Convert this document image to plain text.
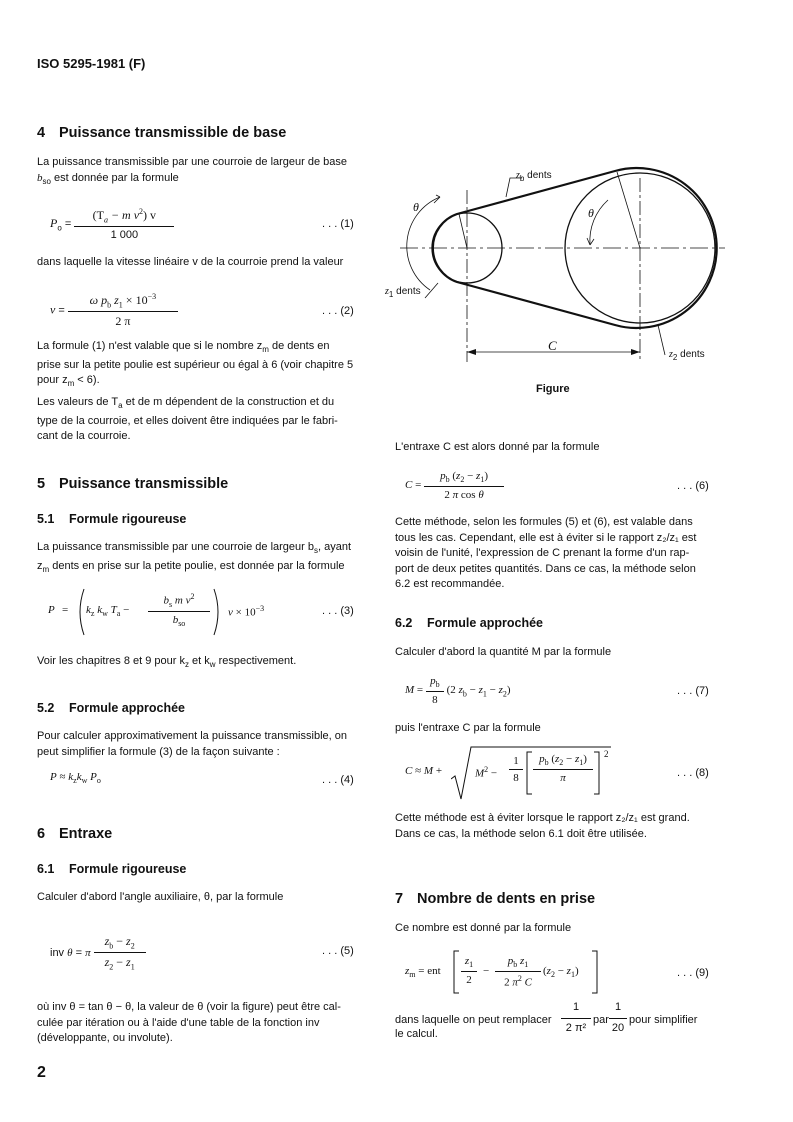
ISO 5295-1981 (F)
4 Puissance transmissible de base
La puissance transmissible par une courroie de largeur de base
$b_{so}$ est donnée par la formule
$P_o = \frac{(T_a - m v^2) v}{1 000}$	. . . (1)
dans laquelle la vitesse linéaire v de la courroie prend la valeur
$v = \frac{\omega p_b z_1 \times 10^{-3}}{2 \pi}$	. . . (2)
La formule (1) n'est valable que si le nombre $z_m$ de dents en
prise sur la petite poulie est supérieur ou égal à 6 (voir chapitre 5
pour $z_m < 6$).
Les valeurs de $T_a$ et de m dépendent de la construction et du
type de la courroie, et elles doivent être indiquées par le fabri-
cant de la courroie.
5 Puissance transmissible
5.1 Formule rigoureuse
La puissance transmissible par une courroie de largeur $b_s$, ayant
$z_m$ dents en prise sur la petite poulie, est donnée par la formule
$P = k_z$ $k_w$ $T_a$ −
$b_s$ m $v^2$
$b_{so}$
$v \times 10^{-3}$	. . . (3)
Voir les chapitres 8 et 9 pour $k_z$ et $k_w$ respectivement.
5.2 Formule approchée
Pour calculer approximativement la puissance transmissible, on
peut simplifier la formule (3) de la façon suivante :
$P \approx k_zk_w$ $P_o$	. . . (4)
6 Entraxe
6.1 Formule rigoureuse
Calculer d'abord l'angle auxiliaire, θ, par la formule
inv θ = π $\frac{z_b - z_2}{z_2 - z_1}$	. . . (5)
où inv θ = tan θ − θ, la valeur de θ (voir la figure) peut être cal-
culée par itération ou à l'aide d'une table de la fonction inv
(développante, ou involute).
2
$z_b$ dents
$z_1$ dents
$z_2$ dents
C
θ	θ
Figure
L'entraxe C est alors donné par la formule
$C = \frac{p_b (z_2 - z_1)}{\text{2 π cos θ}}$	. . . (6)
Cette méthode, selon les formules (5) et (6), est valable dans
tous les cas. Cependant, elle est à éviter si le rapport z₂/z₁ est
voisin de l'unité, l'expression de C prenant la forme d'un rap-
port de deux petites quantités. Dans ce cas, la méthode selon
6.2 est recommandée.
6.2 Formule approchée
Calculer d'abord la quantité M par la formule
$M = \frac{p_b}{8} (2$ $z_b - z_1 - z_2$)	. . . (7)
puis l'entraxe C par la formule
C ≈ M +	$M^2 - \frac{1}{8} \frac{p_b (z_2 - z_1)}{\pi} 2$
. . . (8)
Cette méthode est à éviter lorsque le rapport z₂/z₁ est grand.
Dans ce cas, la méthode selon 6.1 doit être utilisée.
7 Nombre de dents en prise
Ce nombre est donné par la formule
$z_m$ = ent $\frac{z_1}{2} - \frac{p_b z_1}{2 \pi^2 C} (z_2 - z_1)$	. . . (9)
dans laquelle on peut remplacer $\frac{1}{\text{2 π²}}$ par $\frac{1}{20}$ pour simplifier
le calcul.
